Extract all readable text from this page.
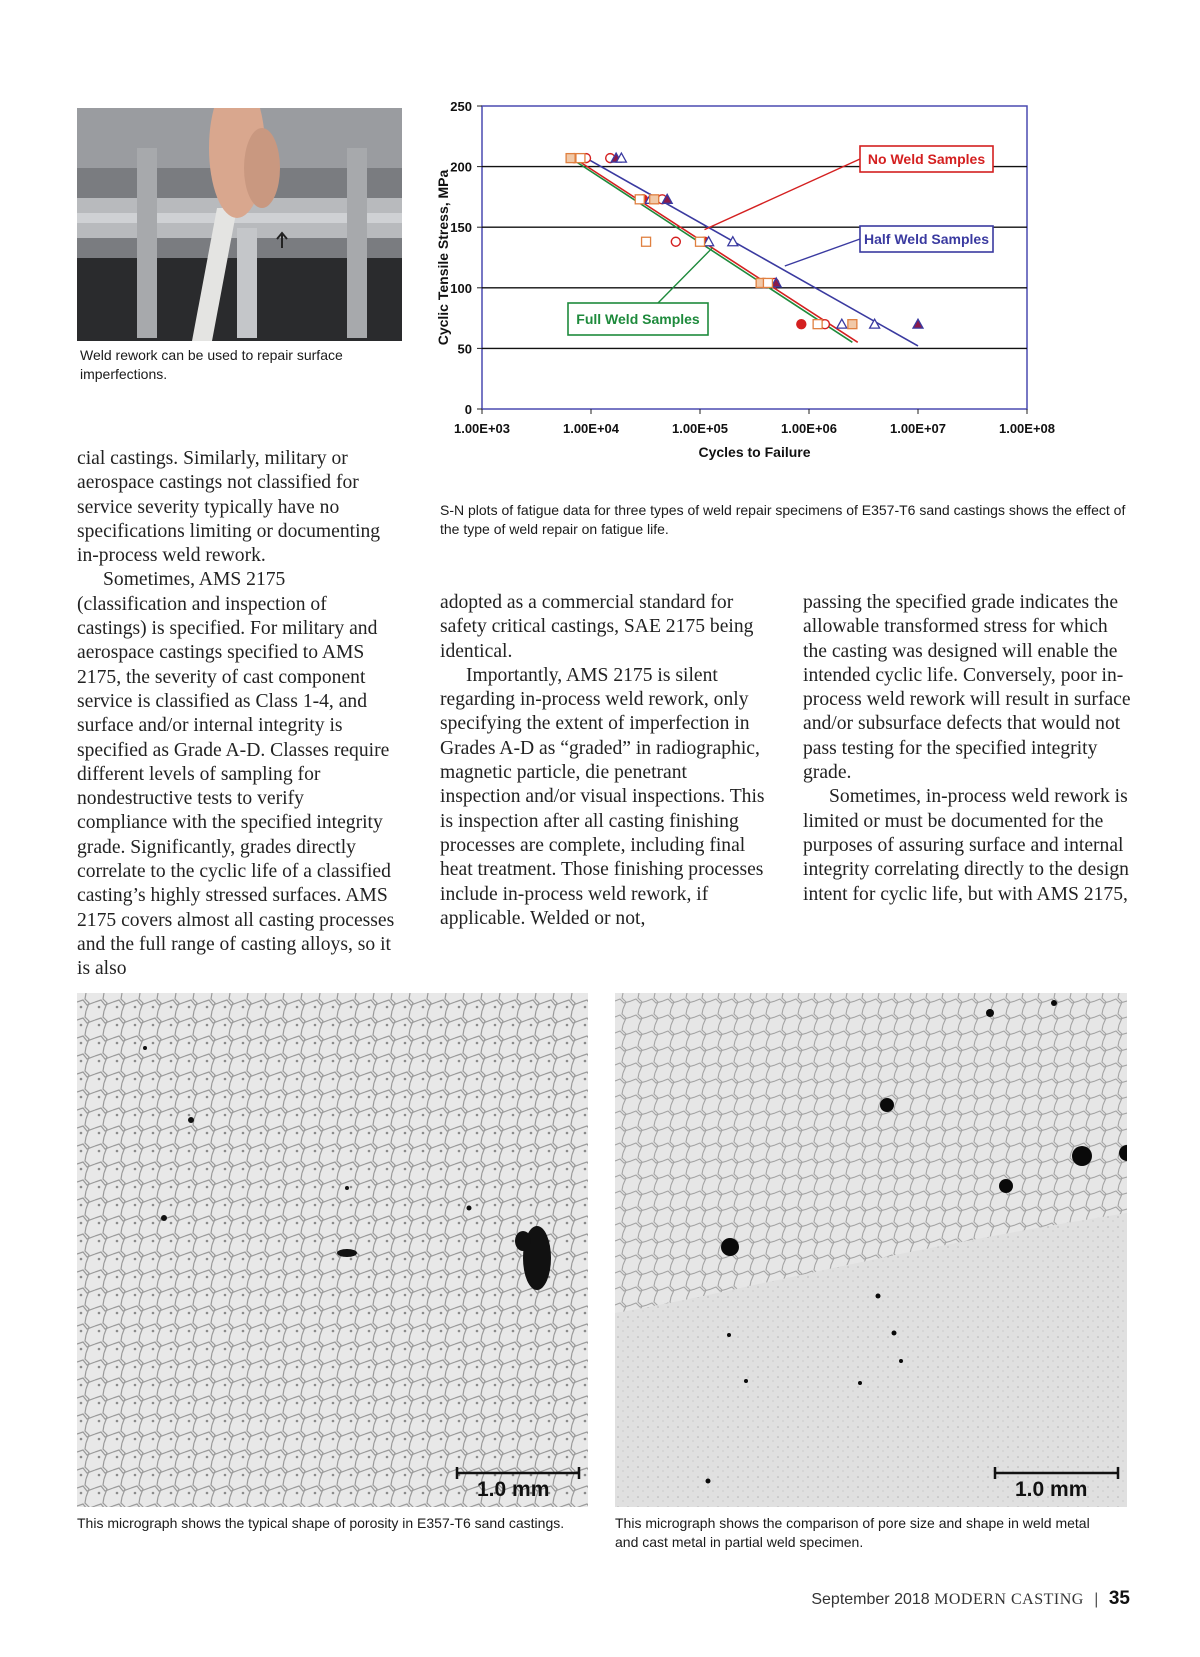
Weld rework can be used to repair surface imperfections.
0
50
100
150
200
250
1.00E+03	1.00E+04	1.00E+05	1.00E+06	1.00E+07	1.00E+08
Cycles to Failure
Cyclic Tensile Stress, MPa
No Weld Samples
Half Weld Samples
Full Weld Samples
S-N plots of fatigue data for three types of weld repair specimens of E357-T6 sand castings shows the effect of the type of weld repair on fatigue life.

cial castings. Similarly, military or aerospace castings not classified for service severity typically have no specifications limiting or documenting in-process weld rework.

Sometimes, AMS 2175 (classification and inspection of castings) is specified. For military and aerospace castings specified to AMS 2175, the severity of cast component service is classified as Class 1-4, and surface and/or internal integrity is specified as Grade A-D. Classes require different levels of sampling for nondestructive tests to verify compliance with the specified integrity grade. Significantly, grades directly correlate to the cyclic life of a classified casting’s highly stressed surfaces. AMS 2175 covers almost all casting processes and the full range of casting alloys, so it is also

adopted as a commercial standard for safety critical castings, SAE 2175 being identical.

Importantly, AMS 2175 is silent regarding in-process weld rework, only specifying the extent of imperfection in Grades A-D as “graded” in radiographic, magnetic particle, die penetrant inspection and/or visual inspections. This is inspection after all casting finishing processes are complete, including final heat treatment. Those finishing processes include in-process weld rework, if applicable. Welded or not,

passing the specified grade indicates the allowable transformed stress for which the casting was designed will enable the intended cyclic life. Conversely, poor in-process weld rework will result in surface and/or subsurface defects that would not pass testing for the specified integrity grade.

Sometimes, in-process weld rework is limited or must be documented for the purposes of assuring surface and internal integrity correlating directly to the design intent for cyclic life, but with AMS 2175,

1.0 mm
This micrograph shows the typical shape of porosity in E357-T6 sand castings.
1.0 mm
This micrograph shows the comparison of pore size and shape in weld metal and cast metal in partial weld specimen.
September 2018 MODERN CASTING | 35
